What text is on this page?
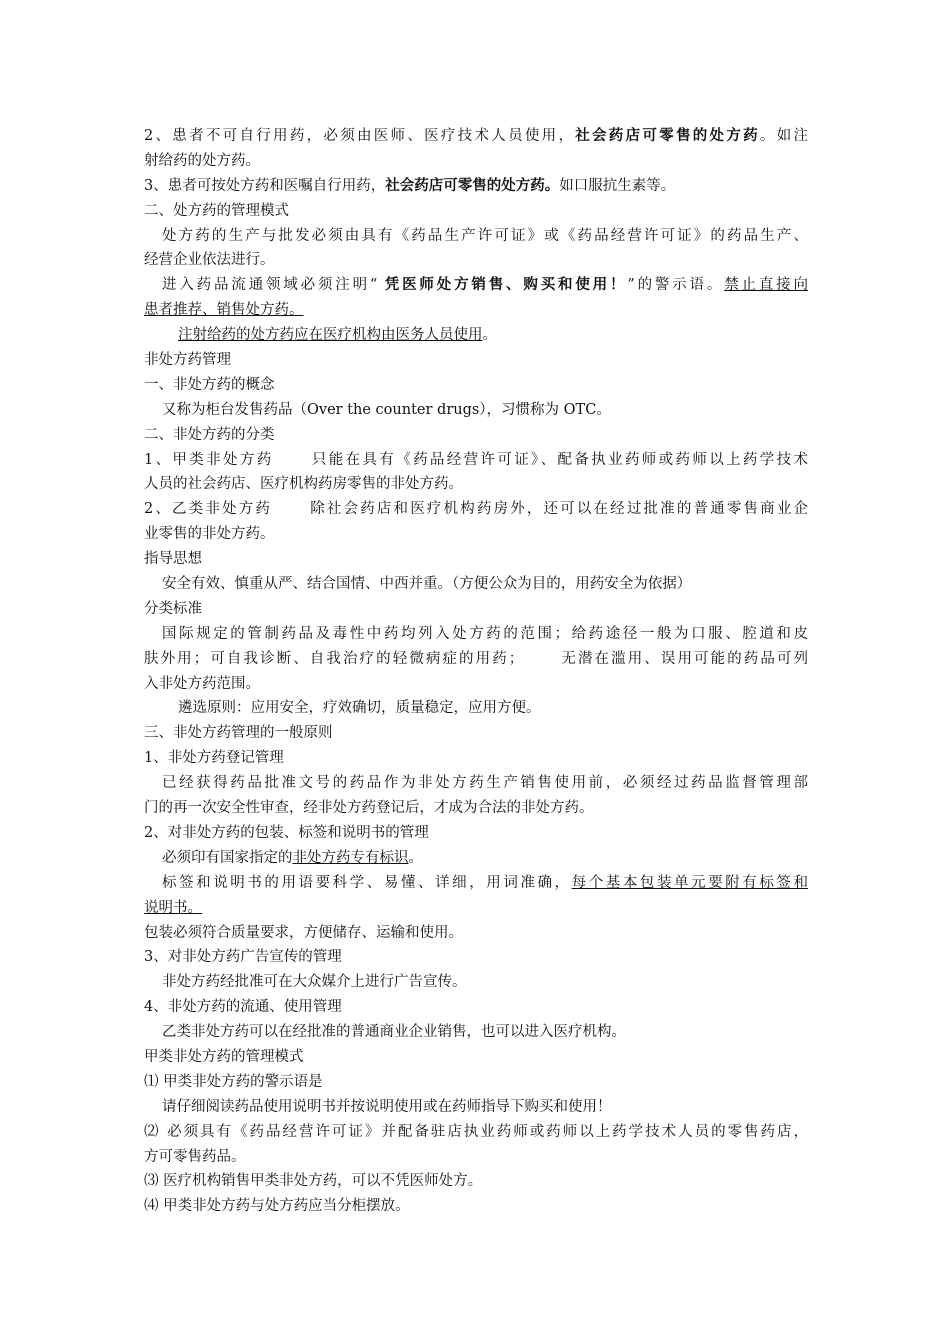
2、患者不可自行用药，必须由医师、医疗技术人员使用，社会药店可零售的处方药。如注
射给药的处方药。
3、患者可按处方药和医嘱自行用药，社会药店可零售的处方药。如口服抗生素等。
二、处方药的管理模式
处方药的生产与批发必须由具有《药品生产许可证》或《药品经营许可证》的药品生产、
经营企业依法进行。
进入药品流通领域必须注明“ 凭医师处方销售、购买和使用！”的警示语。禁止直接向
患者推荐、销售处方药。
注射给药的处方药应在医疗机构由医务人员使用。
非处方药管理
一、非处方药的概念
又称为柜台发售药品（Over the counter drugs），习惯称为 OTC。
二、非处方药的分类
1、甲类非处方药 只能在具有《药品经营许可证》、配备执业药师或药师以上药学技术
人员的社会药店、医疗机构药房零售的非处方药。
2、乙类非处方药 除社会药店和医疗机构药房外，还可以在经过批准的普通零售商业企
业零售的非处方药。
指导思想
安全有效、慎重从严、结合国情、中西并重。（方便公众为目的，用药安全为依据）
分类标准
国际规定的管制药品及毒性中药均列入处方药的范围；给药途径一般为口服、腔道和皮
肤外用；可自我诊断、自我治疗的轻微病症的用药； 无潜在滥用、误用可能的药品可列
入非处方药范围。
遴选原则：应用安全，疗效确切，质量稳定，应用方便。
三、非处方药管理的一般原则
1、非处方药登记管理
已经获得药品批准文号的药品作为非处方药生产销售使用前，必须经过药品监督管理部
门的再一次安全性审查，经非处方药登记后，才成为合法的非处方药。
2、对非处方药的包装、标签和说明书的管理
必须印有国家指定的非处方药专有标识。
标签和说明书的用语要科学、易懂、详细，用词准确，每个基本包装单元要附有标签和
说明书。
包装必须符合质量要求，方便储存、运输和使用。
3、对非处方药广告宣传的管理
非处方药经批准可在大众媒介上进行广告宣传。
4、非处方药的流通、使用管理
乙类非处方药可以在经批准的普通商业企业销售，也可以进入医疗机构。
甲类非处方药的管理模式
⑴ 甲类非处方药的警示语是
请仔细阅读药品使用说明书并按说明使用或在药师指导下购买和使用！
⑵ 必须具有《药品经营许可证》并配备驻店执业药师或药师以上药学技术人员的零售药店，
方可零售药品。
⑶ 医疗机构销售甲类非处方药，可以不凭医师处方。
⑷ 甲类非处方药与处方药应当分柜摆放。
